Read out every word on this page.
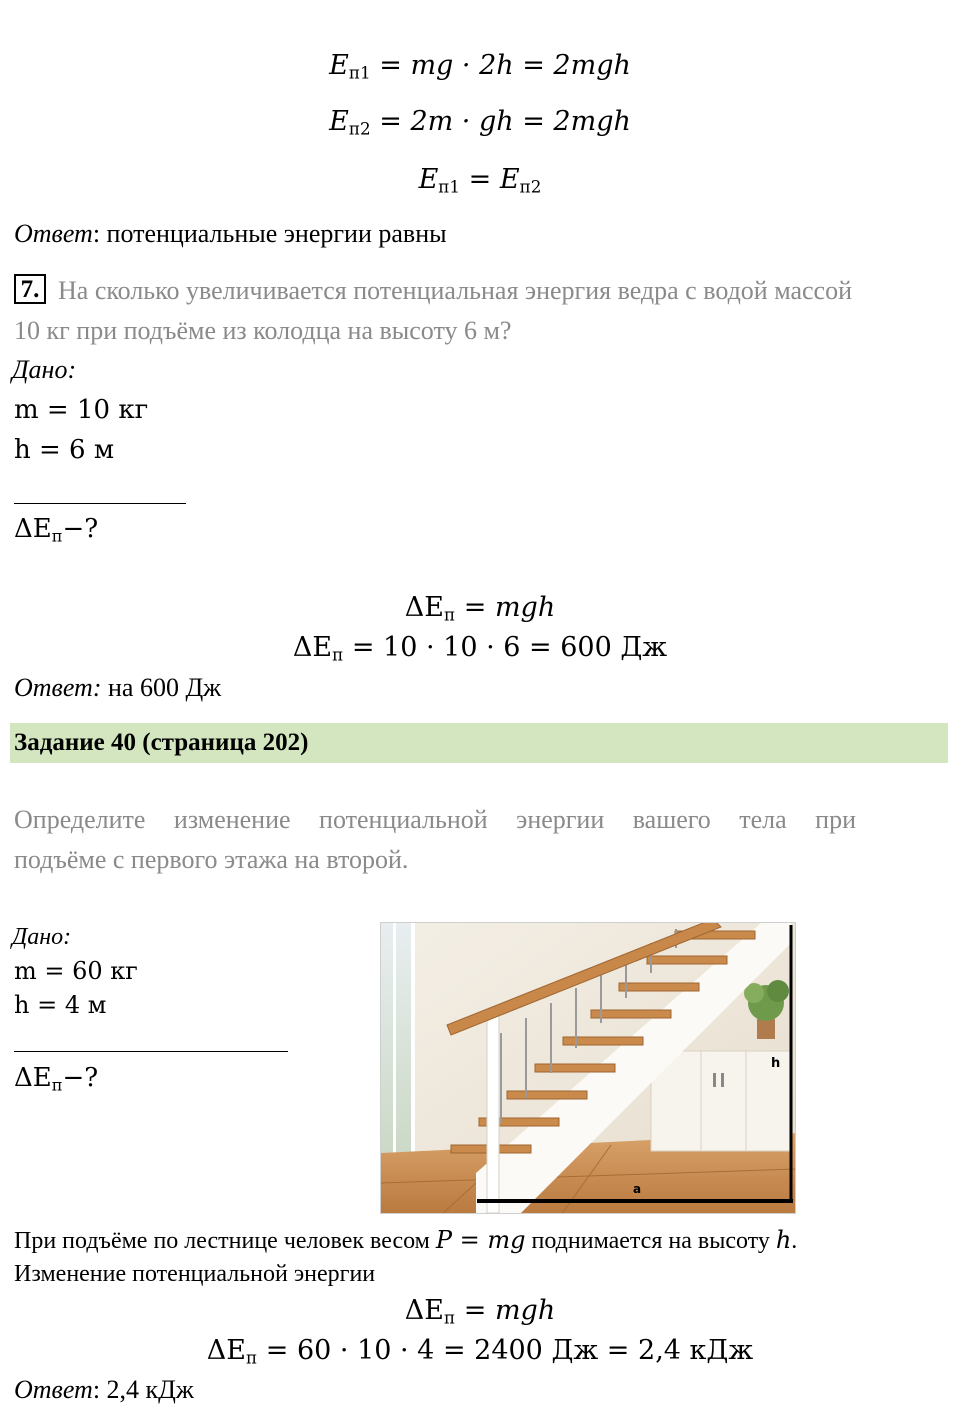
$E_{п1}$ = mg · 2h = 2mgh
$E_{п2} = 2m$ · gh = 2mgh
$E_{п1} = E_{п2}$
Ответ: потенциальные энергии равны
7. На сколько увеличивается потенциальная энергия ведра с водой массой
10 кг при подъёме из колодца на высоту 6 м?
Дано:
m = 10 кг
h = 6 м
$\Delta E_п-$?
$\Delta E_п$ = mgh
$\Delta E_п = 10 \cdot 10 \cdot 6 = 600$ Дж
Ответ: на 600 Дж
Задание 40 (страница 202)
Определите изменение потенциальной энергии вашего тела при
подъёме с первого этажа на второй.
Дано:
m = 60 кг
h = 4 м
$\Delta E_п-$?
a
h
При подъёме по лестнице человек весом P = mg поднимается на высоту h.
Изменение потенциальной энергии
$\Delta E_п$ = mgh
$\Delta E_п = 60 \cdot 10 \cdot 4 = 2400$ Дж = 2,4 кДж
Ответ: 2,4 кДж
